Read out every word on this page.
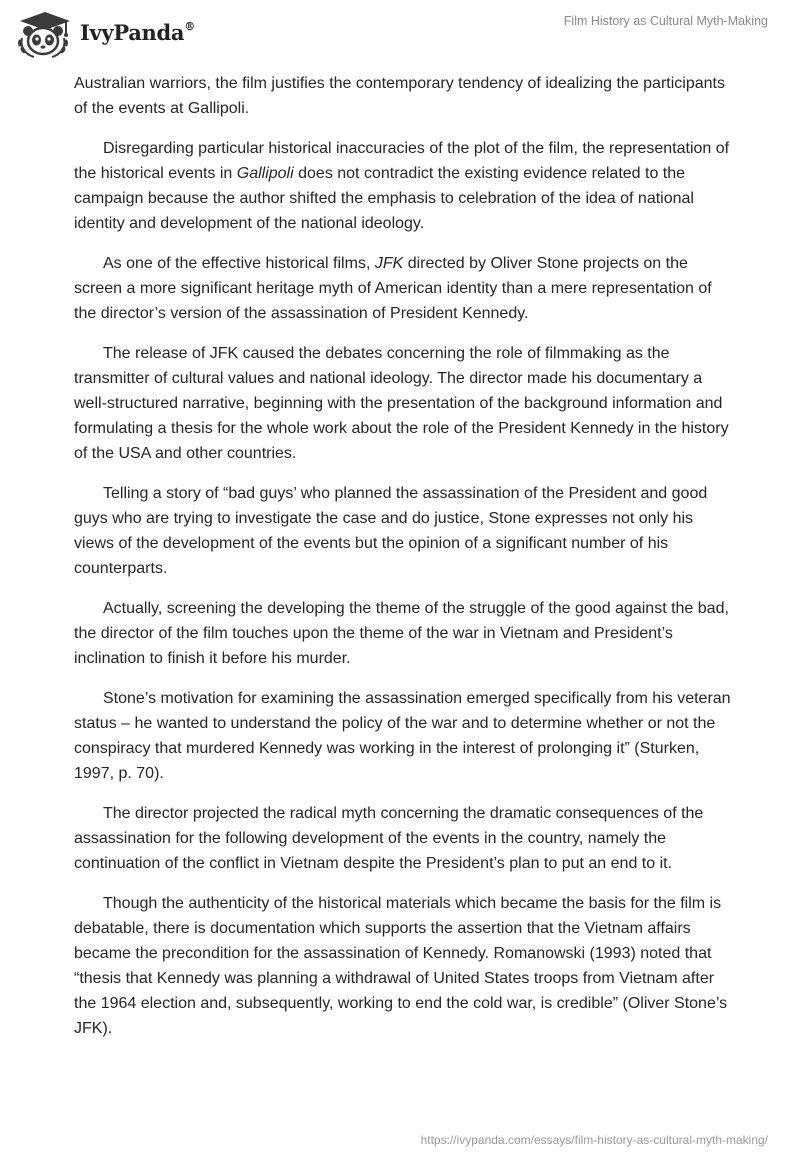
IvyPanda®	Film History as Cultural Myth-Making

Australian warriors, the film justifies the contemporary tendency of idealizing the participants of the events at Gallipoli.

Disregarding particular historical inaccuracies of the plot of the film, the representation of the historical events in Gallipoli does not contradict the existing evidence related to the campaign because the author shifted the emphasis to celebration of the idea of national identity and development of the national ideology.

As one of the effective historical films, JFK directed by Oliver Stone projects on the screen a more significant heritage myth of American identity than a mere representation of the director’s version of the assassination of President Kennedy.

The release of JFK caused the debates concerning the role of filmmaking as the transmitter of cultural values and national ideology. The director made his documentary a well-structured narrative, beginning with the presentation of the background information and formulating a thesis for the whole work about the role of the President Kennedy in the history of the USA and other countries.

Telling a story of “bad guys’ who planned the assassination of the President and good guys who are trying to investigate the case and do justice, Stone expresses not only his views of the development of the events but the opinion of a significant number of his counterparts.

Actually, screening the developing the theme of the struggle of the good against the bad, the director of the film touches upon the theme of the war in Vietnam and President’s inclination to finish it before his murder.

Stone’s motivation for examining the assassination emerged specifically from his veteran status – he wanted to understand the policy of the war and to determine whether or not the conspiracy that murdered Kennedy was working in the interest of prolonging it” (Sturken, 1997, p. 70).

The director projected the radical myth concerning the dramatic consequences of the assassination for the following development of the events in the country, namely the continuation of the conflict in Vietnam despite the President’s plan to put an end to it.

Though the authenticity of the historical materials which became the basis for the film is debatable, there is documentation which supports the assertion that the Vietnam affairs became the precondition for the assassination of Kennedy. Romanowski (1993) noted that “thesis that Kennedy was planning a withdrawal of United States troops from Vietnam after the 1964 election and, subsequently, working to end the cold war, is credible” (Oliver Stone’s JFK).

https://ivypanda.com/essays/film-history-as-cultural-myth-making/
